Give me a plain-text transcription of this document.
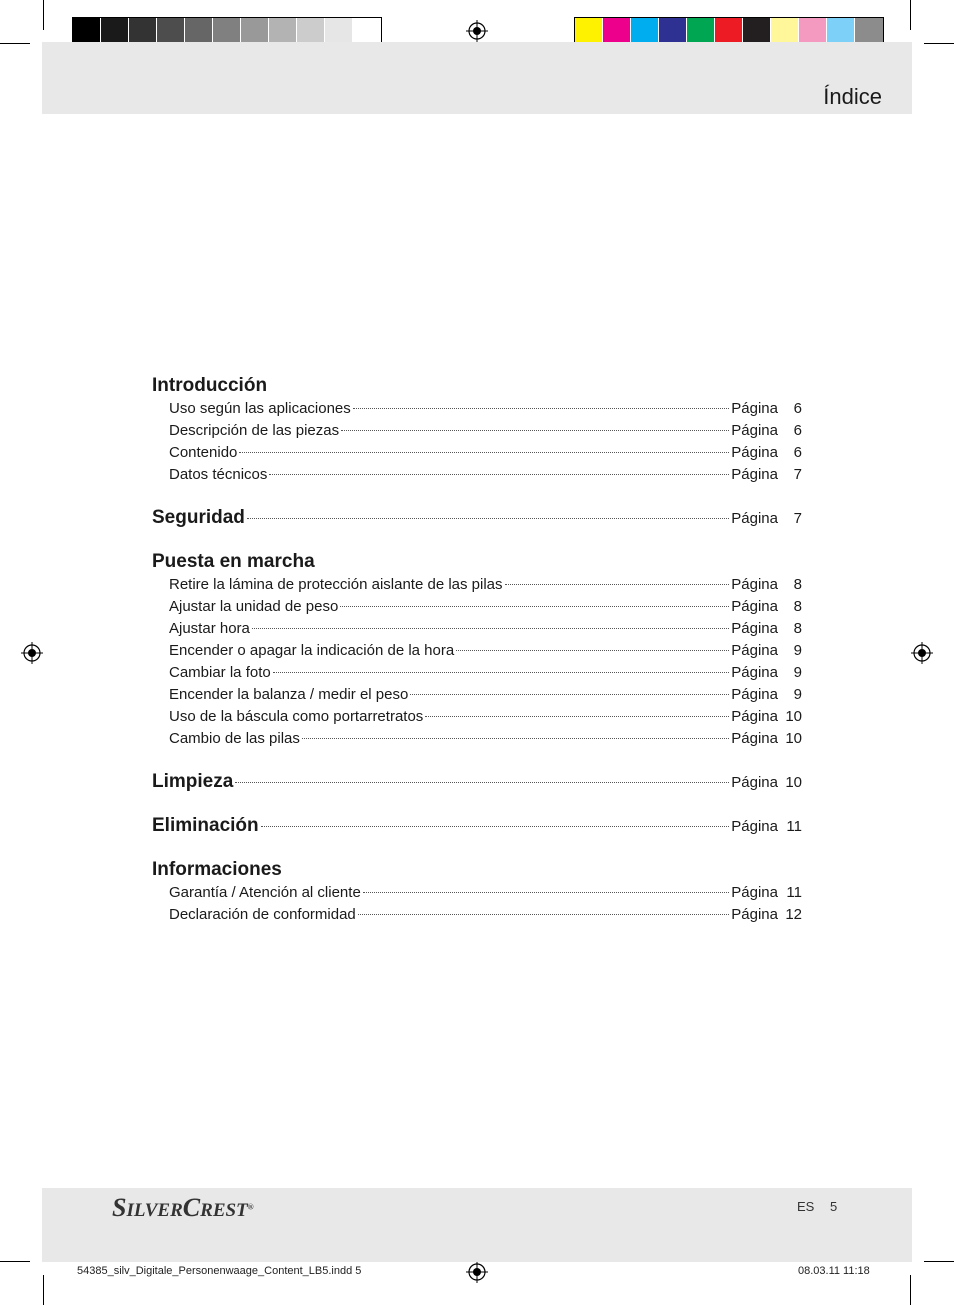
Índice
Introducción
Uso según las aplicaciones	Página 6
Descripción de las piezas	Página 6
Contenido	Página 6
Datos técnicos	Página 7
Seguridad	Página 7
Puesta en marcha
Retire la lámina de protección aislante de las pilas	Página 8
Ajustar la unidad de peso	Página 8
Ajustar hora	Página 8
Encender o apagar la indicación de la hora	Página 9
Cambiar la foto	Página 9
Encender la balanza / medir el peso	Página 9
Uso de la báscula como portarretratos	Página 10
Cambio de las pilas	Página 10
Limpieza	Página 10
Eliminación	Página 11
Informaciones
Garantía / Atención al cliente	Página 11
Declaración de conformidad	Página 12
SILVERCREST®	ES 5
54385_silv_Digitale_Personenwaage_Content_LB5.indd 5	08.03.11 11:18
